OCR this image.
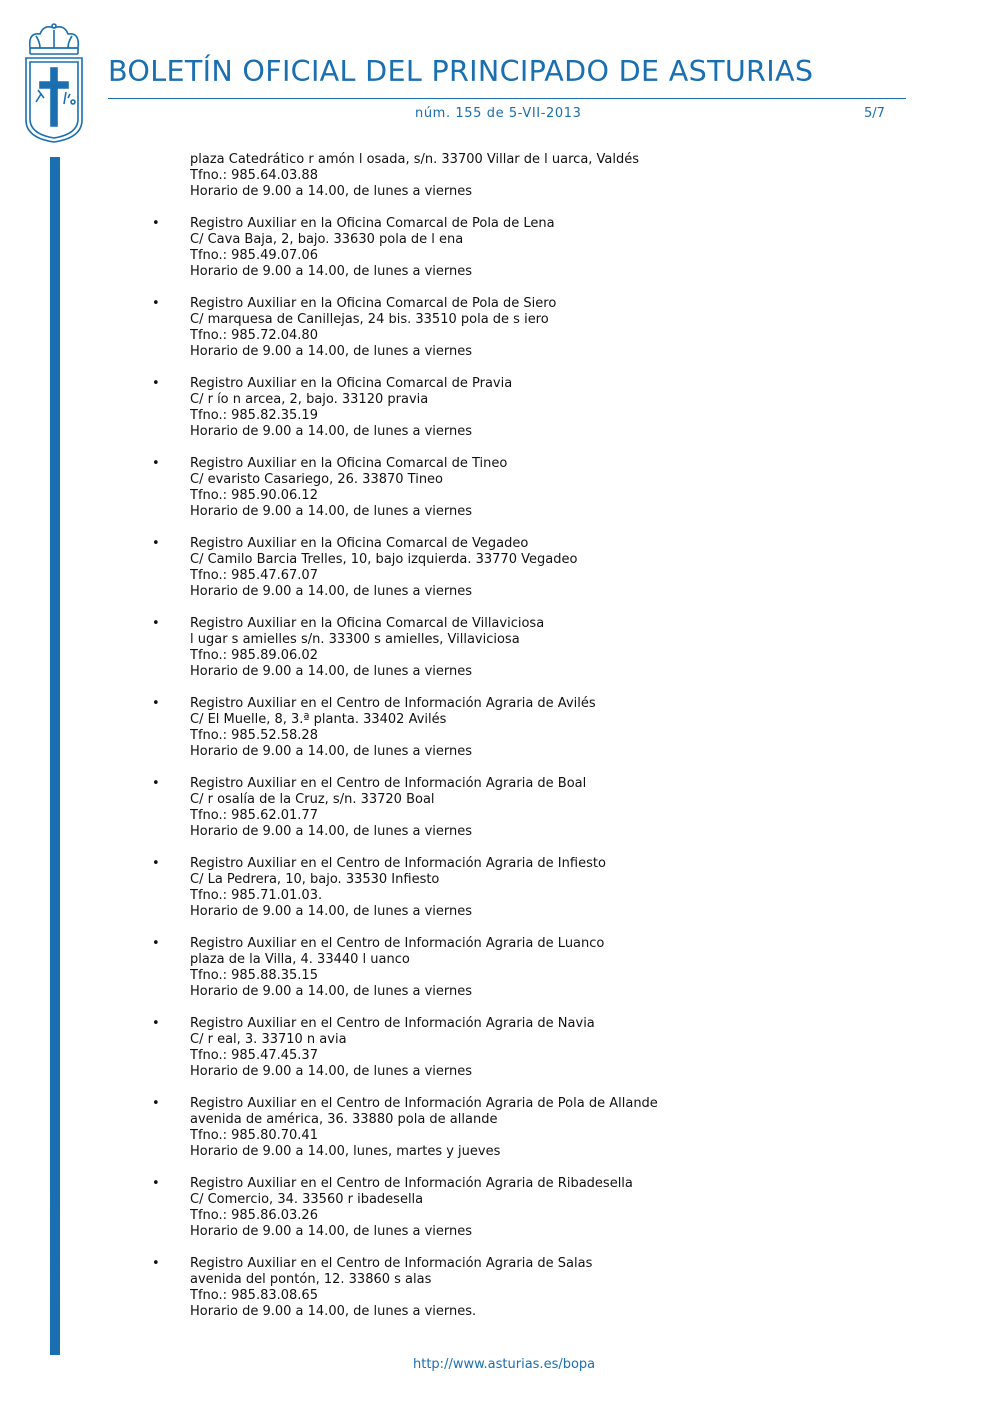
BOLETÍN OFICIAL DEL PRINCIPADO DE ASTURIAS
núm. 155 de 5-VII-2013	5/7
Cód. 2013-12770
plaza Catedrático r amón l osada, s/n. 33700 Villar de l uarca, Valdés
Tfno.: 985.64.03.88
Horario de 9.00 a 14.00, de lunes a viernes
• Registro Auxiliar en la Oficina Comarcal de Pola de Lena
C/ Cava Baja, 2, bajo. 33630 pola de l ena
Tfno.: 985.49.07.06
Horario de 9.00 a 14.00, de lunes a viernes
• Registro Auxiliar en la Oficina Comarcal de Pola de Siero
C/ marquesa de Canillejas, 24 bis. 33510 pola de s iero
Tfno.: 985.72.04.80
Horario de 9.00 a 14.00, de lunes a viernes
• Registro Auxiliar en la Oficina Comarcal de Pravia
C/ r ío n arcea, 2, bajo. 33120 pravia
Tfno.: 985.82.35.19
Horario de 9.00 a 14.00, de lunes a viernes
• Registro Auxiliar en la Oficina Comarcal de Tineo
C/ evaristo Casariego, 26. 33870 Tineo
Tfno.: 985.90.06.12
Horario de 9.00 a 14.00, de lunes a viernes
• Registro Auxiliar en la Oficina Comarcal de Vegadeo
C/ Camilo Barcia Trelles, 10, bajo izquierda. 33770 Vegadeo
Tfno.: 985.47.67.07
Horario de 9.00 a 14.00, de lunes a viernes
• Registro Auxiliar en la Oficina Comarcal de Villaviciosa
l ugar s amielles s/n. 33300 s amielles, Villaviciosa
Tfno.: 985.89.06.02
Horario de 9.00 a 14.00, de lunes a viernes
• Registro Auxiliar en el Centro de Información Agraria de Avilés
C/ El Muelle, 8, 3.ª planta. 33402 Avilés
Tfno.: 985.52.58.28
Horario de 9.00 a 14.00, de lunes a viernes
• Registro Auxiliar en el Centro de Información Agraria de Boal
C/ r osalía de la Cruz, s/n. 33720 Boal
Tfno.: 985.62.01.77
Horario de 9.00 a 14.00, de lunes a viernes
• Registro Auxiliar en el Centro de Información Agraria de Infiesto
C/ La Pedrera, 10, bajo. 33530 Infiesto
Tfno.: 985.71.01.03.
Horario de 9.00 a 14.00, de lunes a viernes
• Registro Auxiliar en el Centro de Información Agraria de Luanco
plaza de la Villa, 4. 33440 l uanco
Tfno.: 985.88.35.15
Horario de 9.00 a 14.00, de lunes a viernes
• Registro Auxiliar en el Centro de Información Agraria de Navia
C/ r eal, 3. 33710 n avia
Tfno.: 985.47.45.37
Horario de 9.00 a 14.00, de lunes a viernes
• Registro Auxiliar en el Centro de Información Agraria de Pola de Allande
avenida de américa, 36. 33880 pola de allande
Tfno.: 985.80.70.41
Horario de 9.00 a 14.00, lunes, martes y jueves
• Registro Auxiliar en el Centro de Información Agraria de Ribadesella
C/ Comercio, 34. 33560 r ibadesella
Tfno.: 985.86.03.26
Horario de 9.00 a 14.00, de lunes a viernes
• Registro Auxiliar en el Centro de Información Agraria de Salas
avenida del pontón, 12. 33860 s alas
Tfno.: 985.83.08.65
Horario de 9.00 a 14.00, de lunes a viernes.
http://www.asturias.es/bopa
